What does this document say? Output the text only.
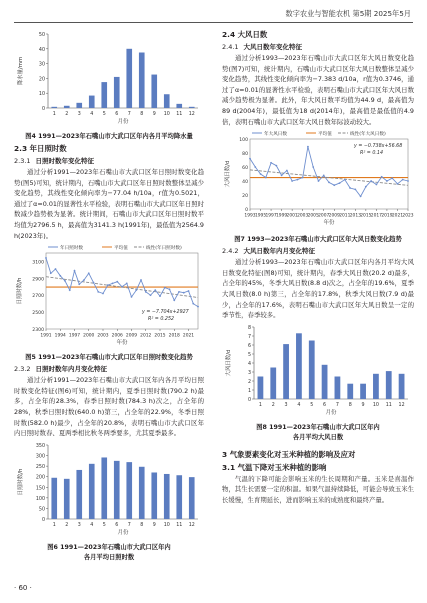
数字农业与智能农机 第5期 2025年5月
0
10
20
30
40
50
1 2 3 4 5 6 7 8 9 10 11 12
月份
降水量/mm

图4 1991—2023年石嘴山市大武口区年内各月平均降水量

2.3 年日照时数

2.3.1 日照时数年变化特征

通过分析1991—2023年石嘴山市大武口区年日照时数变化趋势(图5)可知，统计期内，石嘴山市大武口区年日照时数整体呈减少变化趋势，其线性变化倾向率为−77.04 h/10a，r值为0.5021，通过了α=0.01的显著性水平检验，表明石嘴山市大武口区年日照时数减少趋势极为显著。统计期间，石嘴山市大武口区年日照时数平均值为2796.5 h，最高值为3141.3 h(1991年)，最低值为2564.9 h(2023年)。

2300
2500
2700
2900
3100
1991 1994 1997 2000 2003 2006 2009 2012 2015 2018 2021
年日照时数	平均值	线性(年日照时数)
y = −7.704x+2927
R² = 0.252
年份
日照时数/h

图5 1991—2023年石嘴山市大武口区年日照时数变化趋势

2.3.2 日照时数年内月变化特征

通过分析1991—2023年石嘴山市大武口区年内各月平均日照时数变化特征(图6)可知，统计期内，夏季日照时数(790.2 h)最多，占全年的28.3%，春季日照时数(784.3 h)次之，占全年的28%，秋季日照时数(640.0 h)第三，占全年的22.9%，冬季日照时数(582.0 h)最少，占全年的20.8%，表明石嘴山市大武口区年内日照时数春、夏两季相比秋冬两季要多，尤其夏季最多。

0
50
100
150
200
250
300
350
1 2 3 4 5 6 7 8 9 10 11 12
月份
日照时数/h

图6 1991—2023年石嘴山市大武口区年内

各月平均日照时数

2.4 大风日数

2.4.1 大风日数年变化特征

通过分析1993—2023年石嘴山市大武口区年大风日数变化趋势(图7)可知，统计期内，石嘴山市大武口区年大风日数整体呈减少变化趋势，其线性变化倾向率为−7.383 d/10a，r值为0.3746，通过了α=0.01的显著性水平检验，表明石嘴山市大武口区年大风日数减少趋势极为显著。此外，年大风日数平均值为44.9 d，最高值为89 d(2004年)，最低值为18 d(2014年)，最高值是最低值的4.9倍，表明石嘴山市大武口区年大风日数年际波动较大。

0
20
40
60
80
100
1993 1995 1997 1999 2001 2003 2005 2007 2009 2011 2013 2015 2017 2019 2021 2023
年大风日数	平均值	线性(年大风日数)
y = −0.738x+56.68
R² = 0.14
年份
大风日数/d

图7 1993—2023年石嘴山市大武口区年大风日数变化趋势

2.4.2 大风日数年内月变化特征

通过分析1993—2023年石嘴山市大武口区年内各月平均大风日数变化特征(图8)可知，统计期内，春季大风日数(20.2 d)最多，占全年的45%，冬季大风日数(8.8 d)次之，占全年的19.6%，夏季大风日数(8.0 h)第三，占全年的17.8%，秋季大风日数(7.9 d)最少，占全年的17.6%，表明石嘴山市大武口区年大风日数呈一定的季节性，春季较多。

0
1
2
3
4
5
6
7
8
1 2 3 4 5 6 7 8 9 10 11 12
月份
大风日数/d

图8 1991—2023年石嘴山市大武口区年内

各月平均大风日数

3 气象要素变化对玉米种植的影响及应对

3.1 气温下降对玉米种植的影响

气温的下降可能会影响玉米的生长周期和产量。玉米是喜温作物，其生长需要一定的积温。如果气温持续降低，可能会导致玉米生长缓慢，生育期延长，进而影响玉米的成熟度和最终产量。

· 60 ·
